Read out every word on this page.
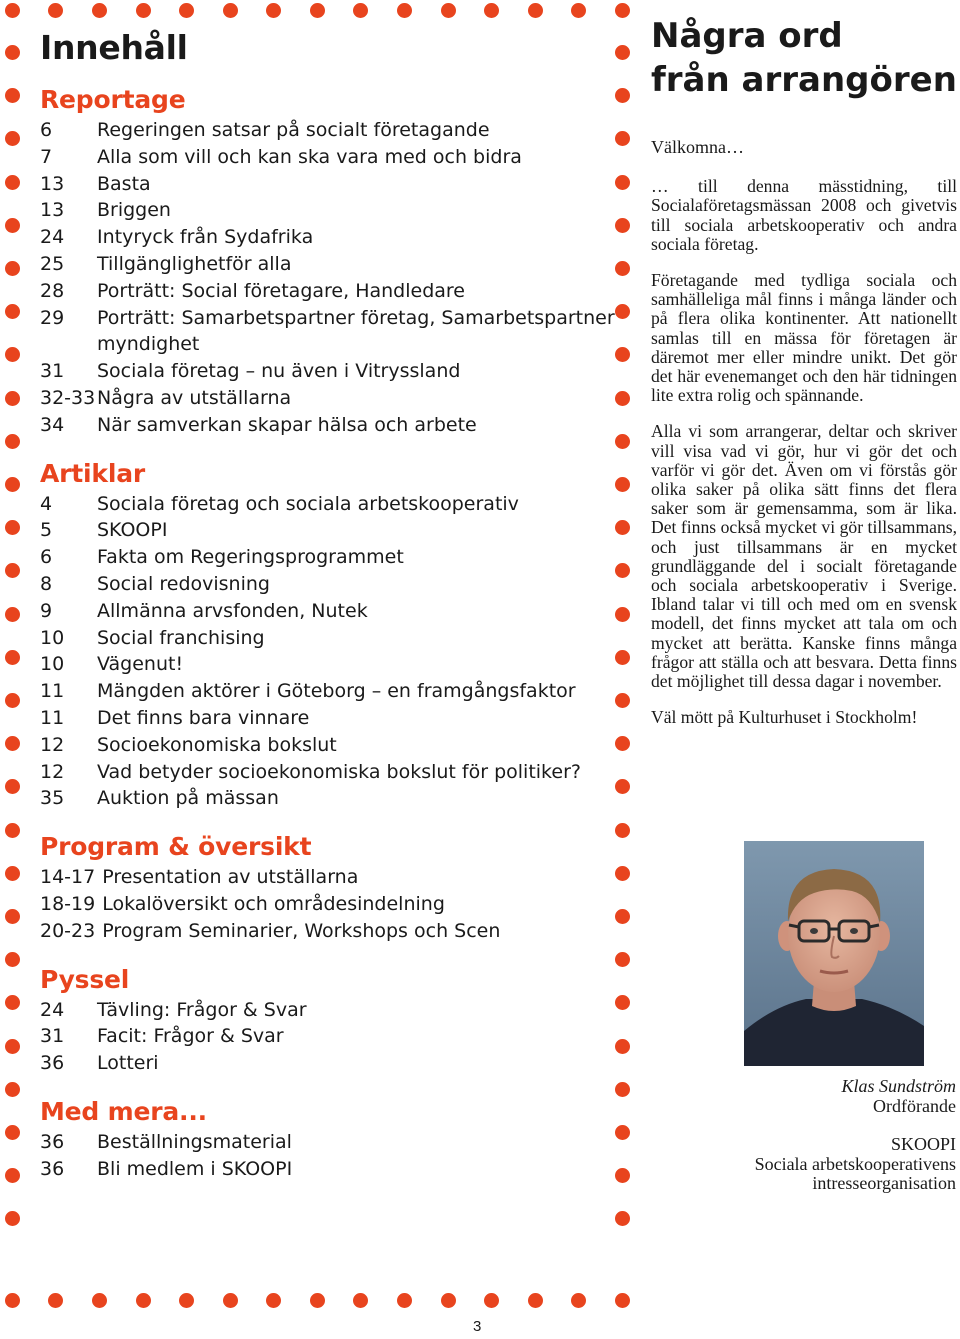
Innehåll
Reportage
6	Regeringen satsar på socialt företagande
7	Alla som vill och kan ska vara med och bidra
13	Basta
13	Briggen
24	Intyryck från Sydafrika
25	Tillgänglighetför alla
28	Porträtt: Social företagare, Handledare
29	Porträtt: Samarbetspartner företag, Samarbetspartner myndighet
31	Sociala företag – nu även i Vitryssland
32-33 Några av utställarna
34	När samverkan skapar hälsa och arbete
Artiklar
4	Sociala företag och sociala arbetskooperativ
5	SKOOPI
6	Fakta om Regeringsprogrammet
8	Social redovisning
9	Allmänna arvsfonden, Nutek
10	Social franchising
10	Vägenut!
11	Mängden aktörer i Göteborg – en framgångsfaktor
11	Det finns bara vinnare
12	Socioekonomiska bokslut
12	Vad betyder socioekonomiska bokslut för politiker?
35	Auktion på mässan
Program & översikt
14-17 Presentation av utställarna
18-19 Lokalöversikt och områdesindelning
20-23 Program Seminarier, Workshops och Scen
Pyssel
24	Tävling: Frågor & Svar
31	Facit: Frågor & Svar
36	Lotteri
Med mera...
36	Beställningsmaterial
36	Bli medlem i SKOOPI
Några ord
från arrangören

Välkomna…

… till denna mässtidning, till Socialaföretagsmässan 2008 och givetvis till sociala arbetskooperativ och andra sociala företag.

Företagande med tydliga sociala och samhälleliga mål finns i många länder och på flera olika kontinenter. Att nationellt samlas till en mässa för företagen är däremot mer eller mindre unikt. Det gör det här evenemanget och den här tidningen lite extra rolig och spännande.

Alla vi som arrangerar, deltar och skriver vill visa vad vi gör, hur vi gör det och varför vi gör det. Även om vi förstås gör olika saker på olika sätt finns det flera saker som är gemensamma, som är lika. Det finns också mycket vi gör tillsammans, och just tillsammans är en mycket grundläggande del i socialt företagande och sociala arbetskooperativ i Sverige. Ibland talar vi till och med om en svensk modell, det finns mycket att tala om och mycket att berätta. Kanske finns många frågor att ställa och att besvara. Detta finns det möjlighet till dessa dagar i november.

Väl mött på Kulturhuset i Stockholm!

Klas Sundström
Ordförande
SKOOPI
Sociala arbetskooperativens
intresseorganisation
3
